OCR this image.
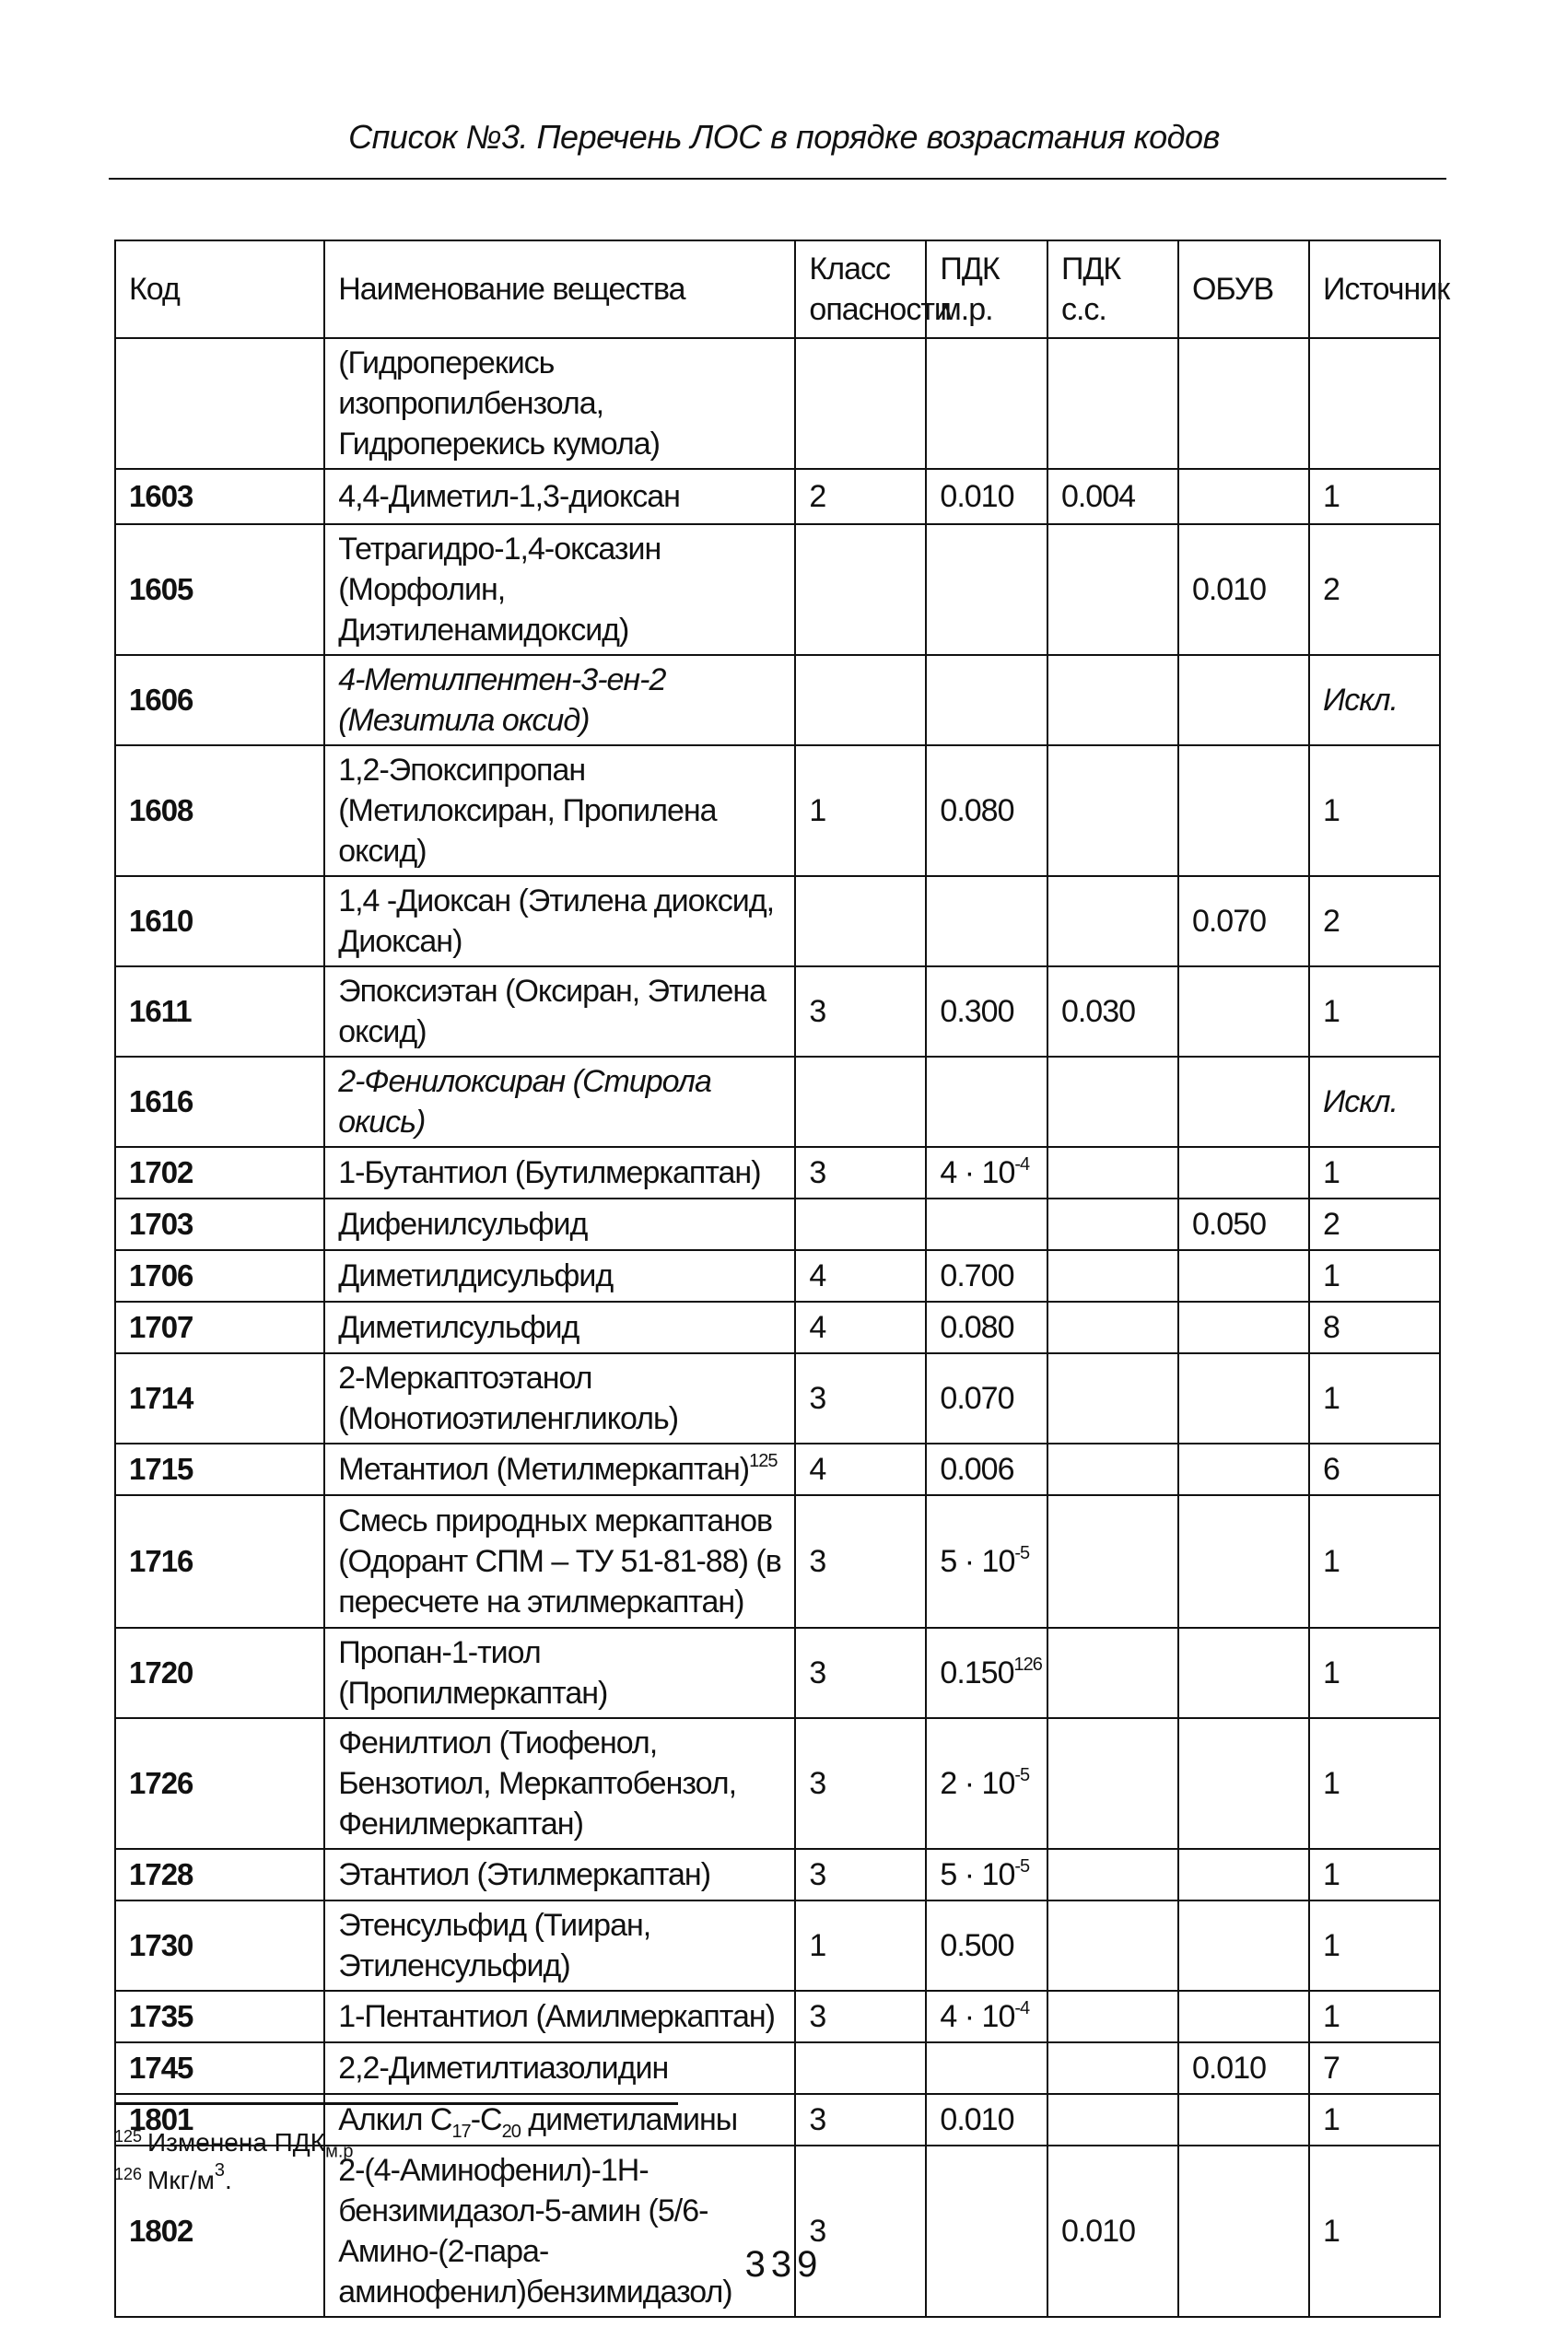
Список №3. Перечень ЛОС в порядке возрастания кодов
Код	Наименование вещества	Класс опасности	ПДК м.р.	ПДК с.с.	ОБУВ	Источник
	(Гидроперекись изопропилбензола, Гидроперекись кумола)					
1603	4,4-Диметил-1,3-диоксан	2	0.010	0.004		1
1605	Тетрагидро-1,4-оксазин (Морфолин, Диэтиленамидоксид)				0.010	2
1606	4-Метилпентен-3-ен-2 (Мезитила оксид)					Искл.
1608	1,2-Эпоксипропан (Метилоксиран, Пропилена оксид)	1	0.080			1
1610	1,4 -Диоксан (Этилена диоксид, Диоксан)				0.070	2
1611	Эпоксиэтан (Оксиран, Этилена оксид)	3	0.300	0.030		1
1616	2-Фенилоксиран (Стирола окись)					Искл.
1702	1-Бутантиол (Бутилмеркаптан)	3	$4 \cdot 10^{-4}$			1
1703	Дифенилсульфид				0.050	2
1706	Диметилдисульфид	4	0.700			1
1707	Диметилсульфид	4	0.080			8
1714	2-Меркаптоэтанол (Монотиоэтиленгликоль)	3	0.070			1
1715	Метантиол (Метилмеркаптан)$^{125}$	4	0.006			6
1716	Смесь природных меркаптанов (Одорант СПМ – ТУ 51-81-88) (в пересчете на этилмеркаптан)	3	$5 \cdot 10^{-5}$			1
1720	Пропан-1-тиол (Пропилмеркаптан)	3	0.150$^{126}$			1
1726	Фенилтиол (Тиофенол, Бензотиол, Меркаптобензол, Фенилмеркаптан)	3	$2 \cdot 10^{-5}$			1
1728	Этантиол (Этилмеркаптан)	3	$5 \cdot 10^{-5}$			1
1730	Этенсульфид (Тииран, Этиленсульфид)	1	0.500			1
1735	1-Пентантиол (Амилмеркаптан)	3	$4 \cdot 10^{-4}$			1
1745	2,2-Диметилтиазолидин				0.010	7
1801	Алкил $С_{17}-С_{20}$ диметиламины	3	0.010			1
1802	2-(4-Аминофенил)-1Н-бензимидазол-5-амин (5/6-Амино-(2-пара-аминофенил)бензимидазол)	3		0.010		1
$^{125}$ Изменена $ПДК_{м.р}$
$^{126}$ Мкг/$м^3$.
339
